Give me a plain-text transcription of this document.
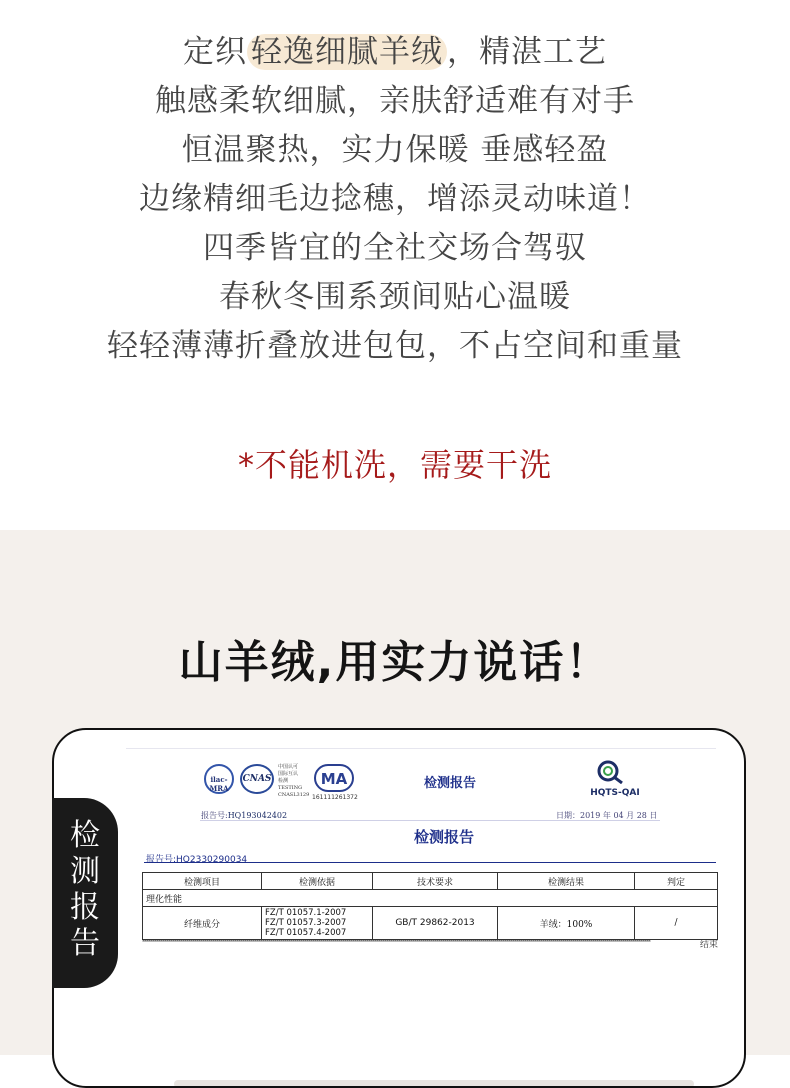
定织 轻逸细腻羊绒 ，精湛工艺
触感柔软细腻，亲肤舒适难有对手
恒温聚热，实力保暖 垂感轻盈
边缘精细毛边捻穗，增添灵动味道！
四季皆宜的全社交场合驾驭
春秋冬围系颈间贴心温暖
轻轻薄薄折叠放进包包，不占空间和重量
*不能机洗，需要干洗
山羊绒,用实力说话！
ilac-MRA
CNAS
中国认可
国际互认
检测
TESTING
CNASL3129
MA
161111261372
检测报告
HQTS-QAI
报告号:HQ193042402	日期：2019 年 04 月 28 日
检测报告
报告号:HQ2330290034
检测项目	检测依据	技术要求	检测结果	判定
理化性能				
纤维成分	FZ/T 01057.1-2007
FZ/T 01057.3-2007
FZ/T 01057.4-2007	GB/T 29862-2013	羊绒：100%	/
**************************************************************************************************************************************************************************************************************************************************************	结束
检
测
报
告
